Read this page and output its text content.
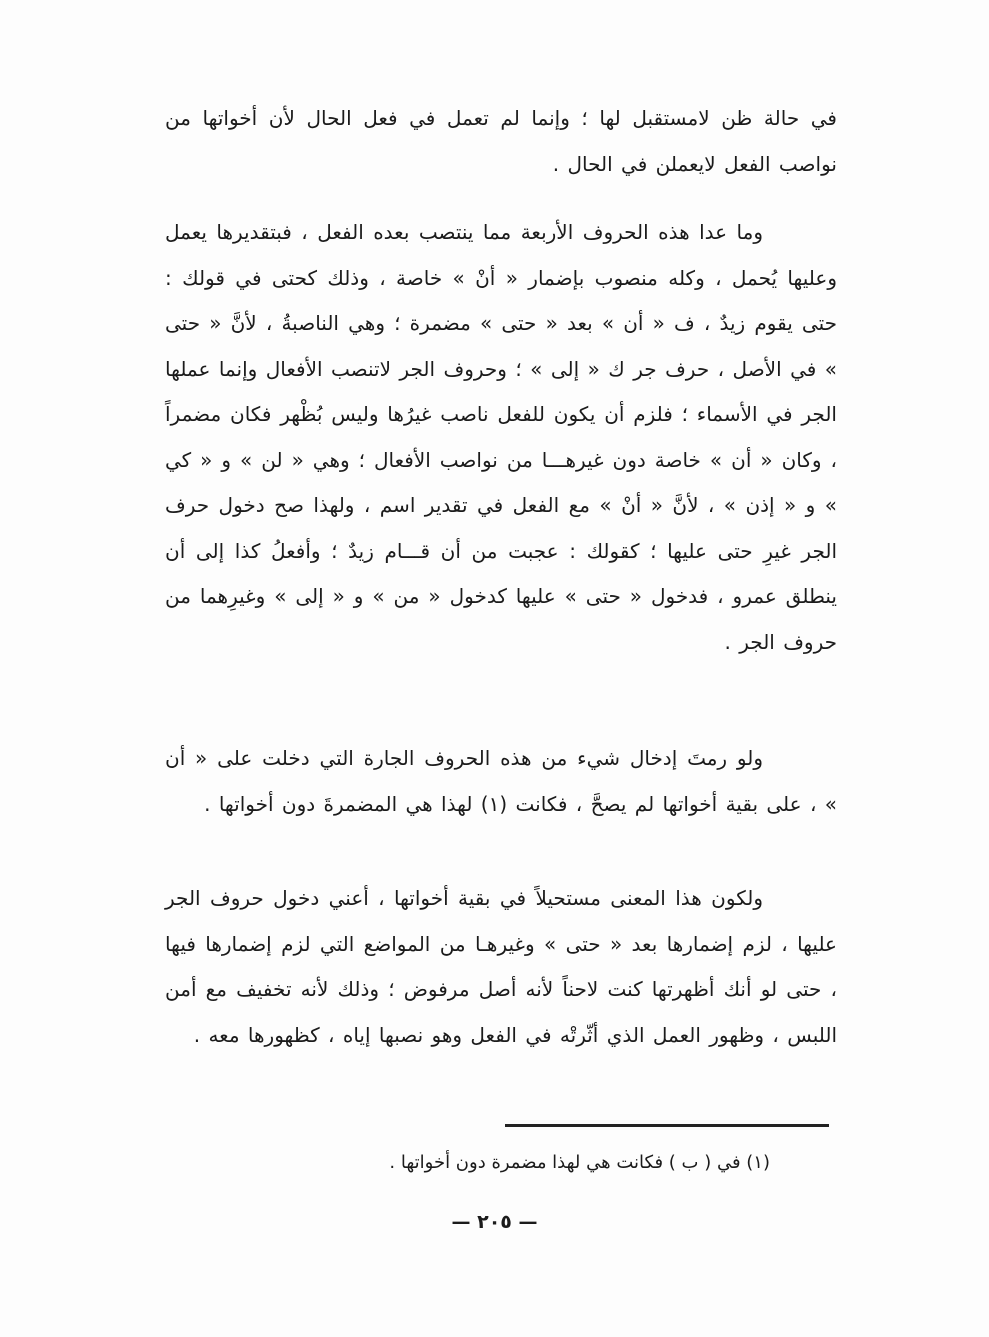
في حالة ظن لامستقبل لها ؛ وإنما لم تعمل في فعل الحال لأن أخواتها من نواصب الفعل لايعملن في الحال .

وما عدا هذه الحروف الأربعة مما ينتصب بعده الفعل ، فبتقديرها يعمل وعليها يُحمل ، وكله منصوب بإضمار « أنْ » خاصة ، وذلك كحتى في قولك : حتى يقوم زيدٌ ، ف « أن » بعد « حتى » مضمرة ؛ وهي الناصبةُ ، لأنَّ « حتى » في الأصل ، حرف جر ك « إلى » ؛ وحروف الجر لاتنصب الأفعال وإنما عملها الجر في الأسماء ؛ فلزم أن يكون للفعل ناصب غيرُها وليس بُظْهر فكان مضمراً ، وكان « أن » خاصة دون غيرهـــا من نواصب الأفعال ؛ وهي « لن » و « كي » و « إذن » ، لأنَّ « أنْ » مع الفعل في تقدير اسم ، ولهذا صح دخول حرف الجر غيرِ حتى عليها ؛ كقولك : عجبت من أن قـــام زيدٌ ؛ وأفعلُ كذا إلى أن ينطلق عمرو ، فدخول « حتى » عليها كدخول « من » و « إلى » وغيرِهما من حروف الجر .

ولو رمتَ إدخال شيء من هذه الحروف الجارة التي دخلت على « أن » ، على بقية أخواتها لم يصحَّ ، فكانت (١) لهذا هي المضمرةَ دون أخواتها .

ولكون هذا المعنى مستحيلاً في بقية أخواتها ، أعني دخول حروف الجر عليها ، لزم إضمارها بعد « حتى » وغيرهـا من المواضع التي لزم إضمارها فيها ، حتى لو أنك أظهرتها كنت لاحناً لأنه أصل مرفوض ؛ وذلك لأنه تخفيف مع أمن اللبس ، وظهور العمل الذي أثّرتْه في الفعل وهو نصبها إياه ، كظهورها معه .

(١) في ( ب ) فكانت هي لهذا مضمرة دون أخواتها .
— ٢٠٥ —
